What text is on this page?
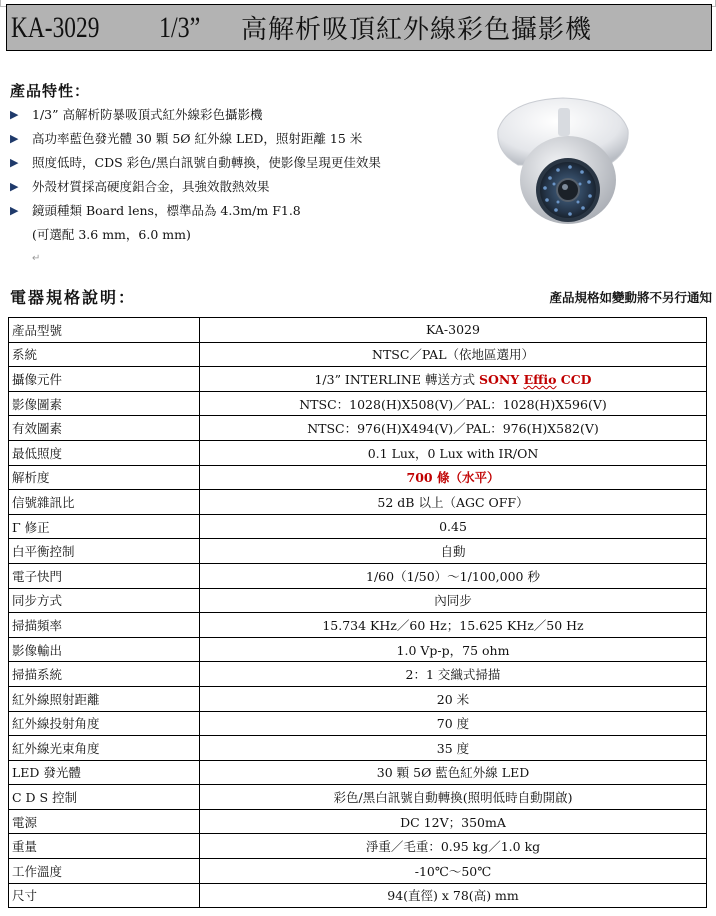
KA-3029 1/3”	高解析吸頂紅外線彩色攝影機
產品特性：
▶	1/3” 高解析防暴吸頂式紅外線彩色攝影機
▶	高功率藍色發光體 30 顆 5Ø 紅外線 LED，照射距離 15 米
▶	照度低時，CDS 彩色/黑白訊號自動轉換，使影像呈現更佳效果
▶	外殼材質採高硬度鋁合金，具強效散熱效果
▶	鏡頭種類 Board lens，標準品為 4.3m/m F1.8
(可選配 3.6 mm，6.0 mm)
↵
電器規格說明：	產品規格如變動將不另行通知
產品型號	KA-3029
系統	NTSC／PAL（依地區選用）
攝像元件	1/3” INTERLINE 轉送方式 SONY Effio CCD
影像圖素	NTSC：1028(H)X508(V)／PAL：1028(H)X596(V)
有效圖素	NTSC：976(H)X494(V)／PAL：976(H)X582(V)
最低照度	0.1 Lux，0 Lux with IR/ON
解析度	700 條（水平）
信號雜訊比	52 dB 以上（AGC OFF）
Γ 修正	0.45
白平衡控制	自動
電子快門	1/60（1/50）～1/100,000 秒
同步方式	內同步
掃描頻率	15.734 KHz／60 Hz；15.625 KHz／50 Hz
影像輸出	1.0 Vp-p，75 ohm
掃描系統	2：1 交織式掃描
紅外線照射距離	20 米
紅外線投射角度	70 度
紅外線光束角度	35 度
LED 發光體	30 顆 5Ø 藍色紅外線 LED
C D S 控制	彩色/黑白訊號自動轉換(照明低時自動開啟)
電源	DC 12V；350mA
重量	淨重／毛重：0.95 kg／1.0 kg
工作溫度	-10℃～50℃
尺寸	94(直徑) x 78(高) mm
